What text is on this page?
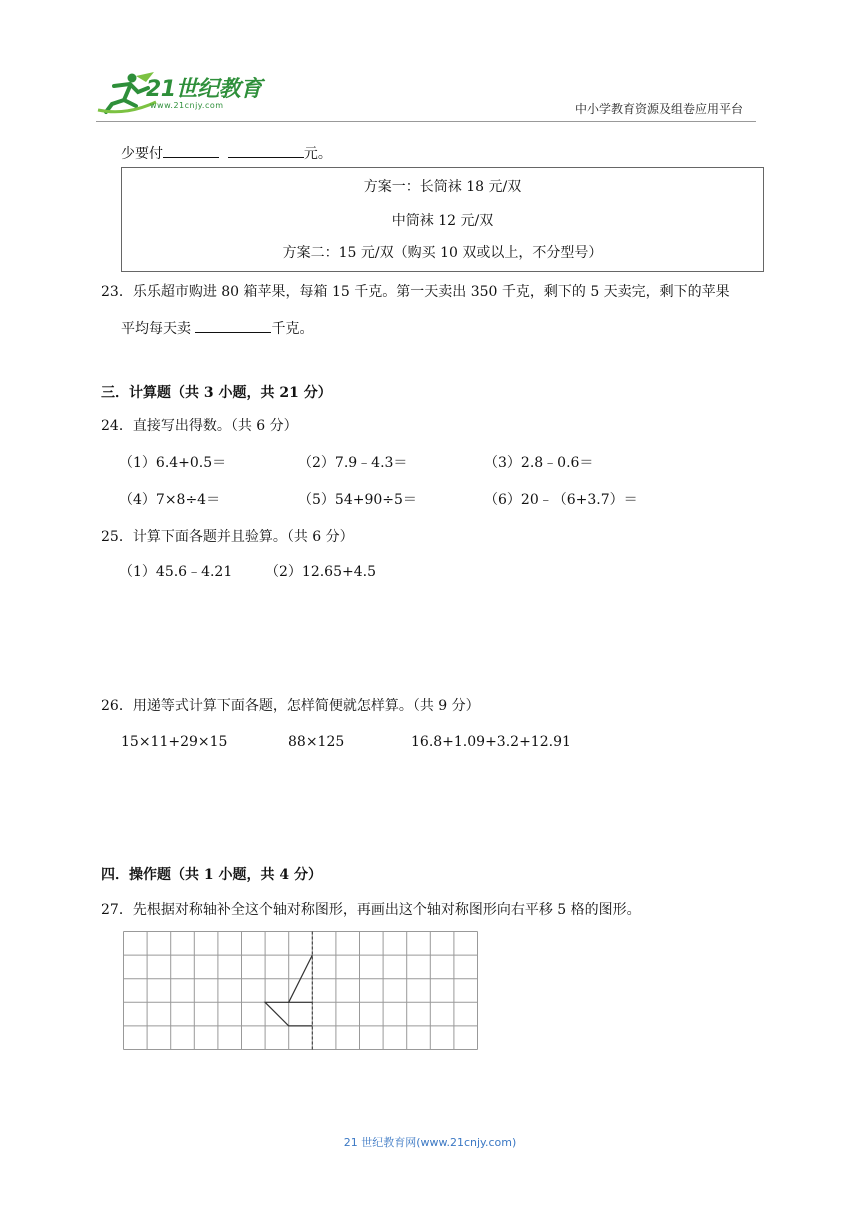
21世纪教育
www.21cnjy.com	中小学教育资源及组卷应用平台
少要付	元。
方案一：长筒袜 18 元/双
中筒袜 12 元/双
方案二：15 元/双（购买 10 双或以上，不分型号）
23．乐乐超市购进 80 箱苹果，每箱 15 千克。第一天卖出 350 千克，剩下的 5 天卖完，剩下的苹果
平均每天卖	千克。
三．计算题（共 3 小题，共 21 分）
24．直接写出得数。（共 6 分）
（1）6.4+0.5＝	（2）7.9﹣4.3＝	（3）2.8﹣0.6＝
（4）7×8÷4＝	（5）54+90÷5＝	（6）20﹣（6+3.7）＝
25．计算下面各题并且验算。（共 6 分）
（1）45.6﹣4.21 （2）12.65+4.5
26．用递等式计算下面各题，怎样简便就怎样算。（共 9 分）
15×11+29×15	88×125	16.8+1.09+3.2+12.91
四．操作题（共 1 小题，共 4 分）
27．先根据对称轴补全这个轴对称图形，再画出这个轴对称图形向右平移 5 格的图形。
21 世纪教育网(www.21cnjy.com)
